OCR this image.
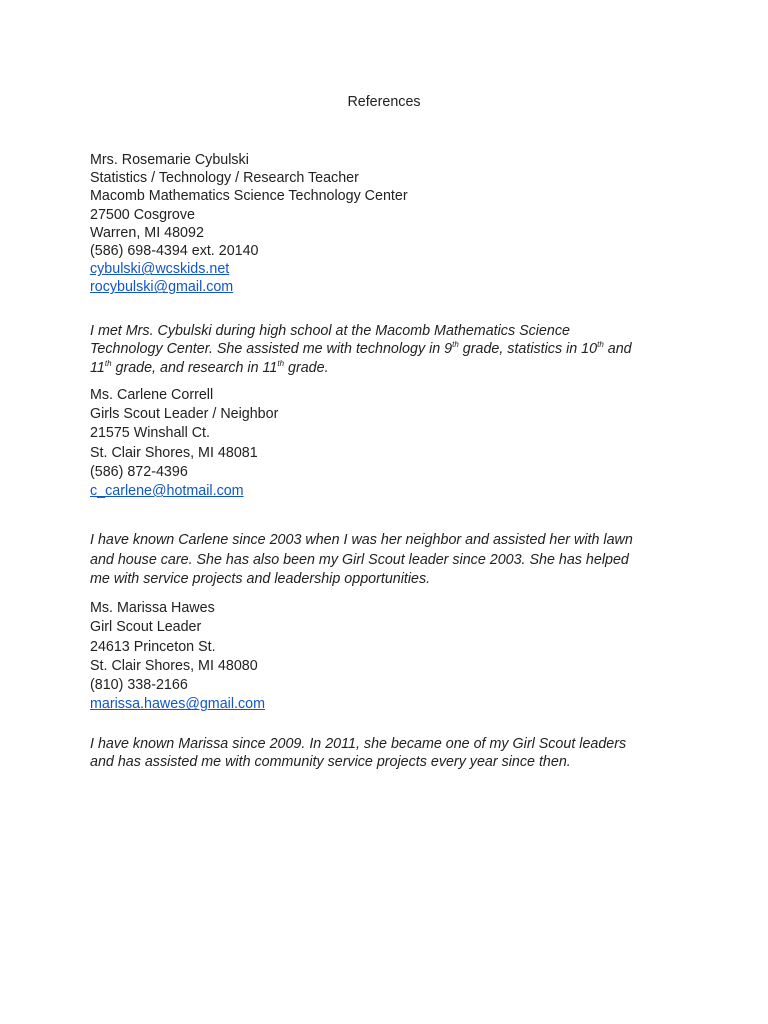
References
Mrs. Rosemarie Cybulski
Statistics / Technology / Research Teacher
Macomb Mathematics Science Technology Center
27500 Cosgrove
Warren, MI 48092
(586) 698-4394 ext. 20140
cybulski@wcskids.net
rocybulski@gmail.com
I met Mrs. Cybulski during high school at the Macomb Mathematics Science
Technology Center. She assisted me with technology in 9th grade, statistics in 10th and
11th grade, and research in 11th grade.
Ms. Carlene Correll
Girls Scout Leader / Neighbor
21575 Winshall Ct.
St. Clair Shores, MI 48081
(586) 872-4396
c_carlene@hotmail.com
I have known Carlene since 2003 when I was her neighbor and assisted her with lawn
and house care. She has also been my Girl Scout leader since 2003. She has helped
me with service projects and leadership opportunities.
Ms. Marissa Hawes
Girl Scout Leader
24613 Princeton St.
St. Clair Shores, MI 48080
(810) 338-2166
marissa.hawes@gmail.com
I have known Marissa since 2009. In 2011, she became one of my Girl Scout leaders
and has assisted me with community service projects every year since then.
